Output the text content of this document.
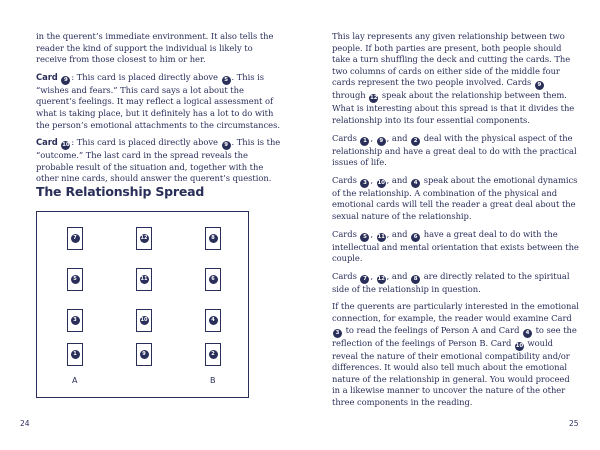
in the querent’s immediate environment. It also tells the reader the kind of support the individual is likely to receive from those closest to him or her.

Card 9 : This card is placed directly above 5 . This is “wishes and fears.” This card says a lot about the querent’s feelings. It may reflect a logical assessment of what is taking place, but it definitely has a lot to do with the person’s emotional attachments to the circumstances.

Card 10 : This card is placed directly above 9 . This is the “outcome.” The last card in the spread reveals the probable result of the situation and, together with the other nine cards, should answer the querent’s question.

The Relationship Spread
7
5
3
1
12
11
10
9
8
6
4
2
A	B
24

This lay represents any given relationship between two people. If both parties are present, both people should take a turn shuffling the deck and cutting the cards. The two columns of cards on either side of the middle four cards represent the two people involved. Cards 9 through 12 speak about the relationship between them. What is interesting about this spread is that it divides the relationship into its four essential components.

Cards 1 , 9 , and 2 deal with the physical aspect of the relationship and have a great deal to do with the practical issues of life.

Cards 3 , 10 , and 4 speak about the emotional dynamics of the relationship. A combination of the physical and emotional cards will tell the reader a great deal about the sexual nature of the relationship.

Cards 5 , 11 , and 6 have a great deal to do with the intellectual and mental orientation that exists between the couple.

Cards 7 , 12 , and 8 are directly related to the spiritual side of the relationship in question.

If the querents are particularly interested in the emotional connection, for example, the reader would examine Card 3 to read the feelings of Person A and Card 4 to see the reflection of the feelings of Person B. Card 10 would reveal the nature of their emotional compatibility and/or differences. It would also tell much about the emotional nature of the relationship in general. You would proceed in a likewise manner to uncover the nature of the other three components in the reading.

25
